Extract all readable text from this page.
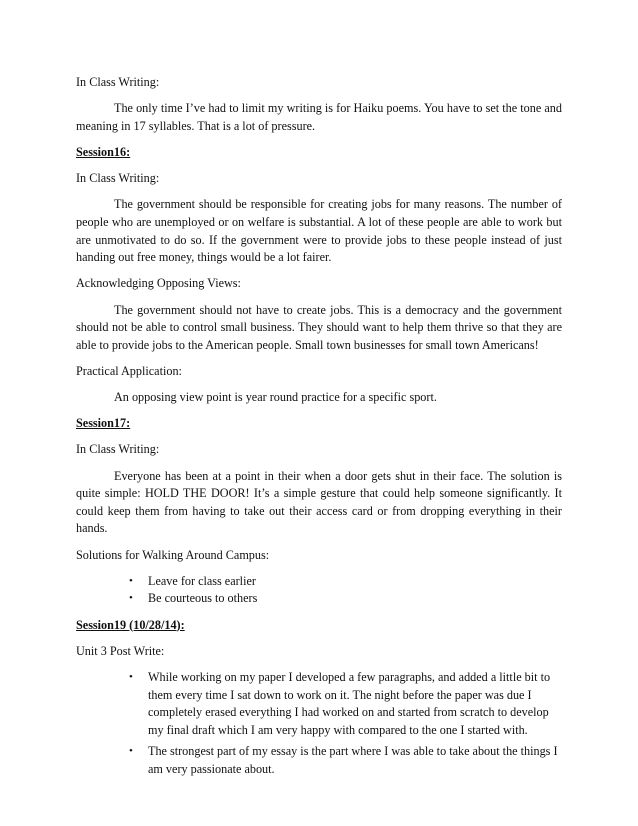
In Class Writing:

The only time I’ve had to limit my writing is for Haiku poems. You have to set the tone and meaning in 17 syllables. That is a lot of pressure.

Session16:

In Class Writing:

The government should be responsible for creating jobs for many reasons. The number of people who are unemployed or on welfare is substantial. A lot of these people are able to work but are unmotivated to do so. If the government were to provide jobs to these people instead of just handing out free money, things would be a lot fairer.

Acknowledging Opposing Views:

The government should not have to create jobs. This is a democracy and the government should not be able to control small business. They should want to help them thrive so that they are able to provide jobs to the American people. Small town businesses for small town Americans!

Practical Application:

An opposing view point is year round practice for a specific sport.

Session17:

In Class Writing:

Everyone has been at a point in their when a door gets shut in their face. The solution is quite simple: HOLD THE DOOR! It’s a simple gesture that could help someone significantly. It could keep them from having to take out their access card or from dropping everything in their hands.

Solutions for Walking Around Campus:

• Leave for class earlier
• Be courteous to others

Session19 (10/28/14):

Unit 3 Post Write:

• While working on my paper I developed a few paragraphs, and added a little bit to them every time I sat down to work on it. The night before the paper was due I completely erased everything I had worked on and started from scratch to develop my final draft which I am very happy with compared to the one I started with.
• The strongest part of my essay is the part where I was able to take about the things I am very passionate about.
